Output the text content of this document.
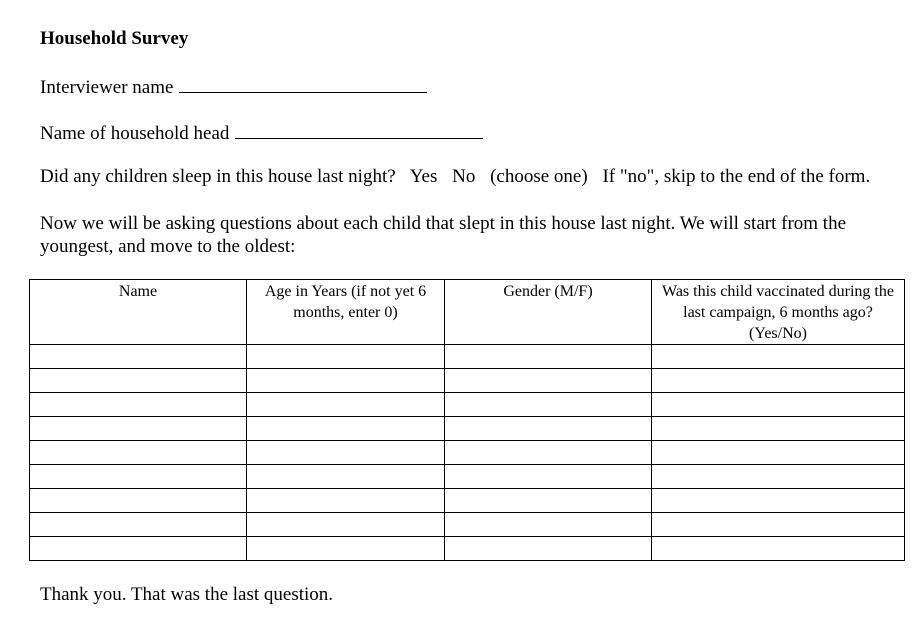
Household Survey
Interviewer name
Name of household head
Did any children sleep in this house last night? Yes No (choose one) If "no", skip to the end of the form.
Now we will be asking questions about each child that slept in this house last night. We will start from the youngest, and move to the oldest:
Name	Age in Years (if not yet 6 months, enter 0)	Gender (M/F)	Was this child vaccinated during the last campaign, 6 months ago? (Yes/No)

Thank you. That was the last question.
